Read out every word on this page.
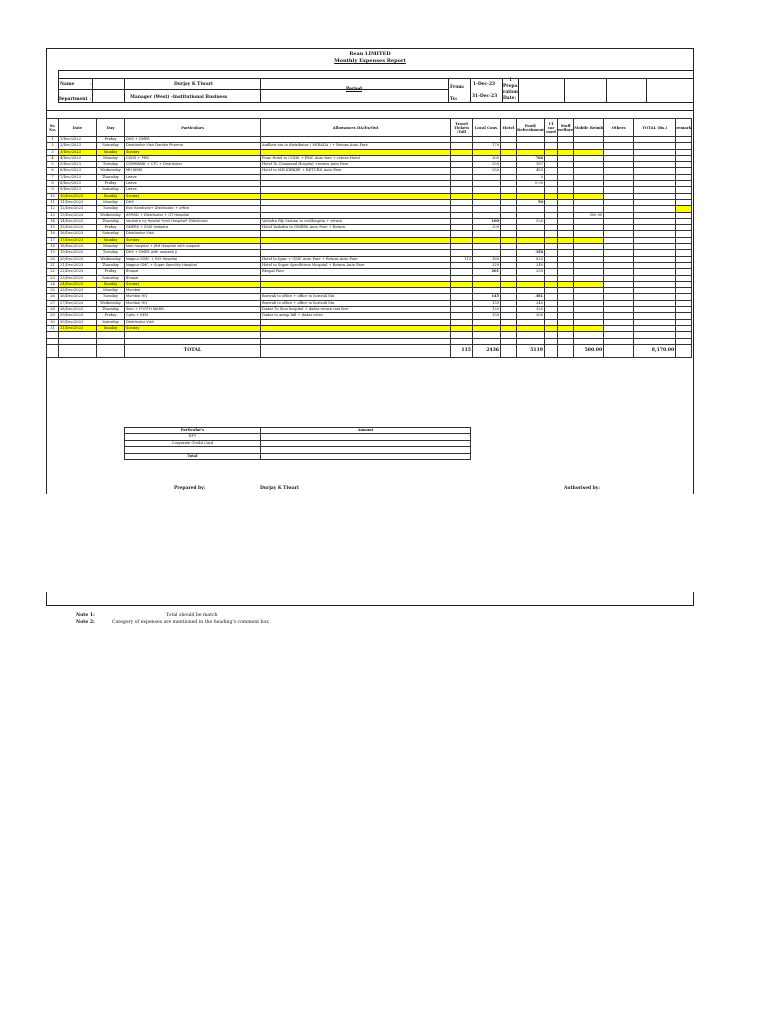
Rean LIMITED
Monthly Expenses Report
Name	:	Durjay K Tiwari
Department :	Manager (West) -Institutional Business
Period	From:
1-Dec-23
To:
31-Dec-23
1
Prepa
ration
Date:
Sr. No.	Date	Day	Particulars	Allowances DA/Ex/Out	Travel Tickets /Toll	Local Conv.	Hotel	Food/ Refreshment	I'f car used	Staff welfare	Mobile Reimb	Others	TOTAL (Rs.)	remark
1	1/Dec/2022	Friday	DHS + DMER											
2	2/Dec/2023	Saturday	Distributor Visit Dardka Pharma	Andheri stn to distributor ( MIRADA ) + Return Auto Fare		170								
3	3/Dec/2023	Sunday	Sunday											
4	4/Dec/2023	Monday	CGHS + PMC	Pune Hotel to CGHS + PMC Auto fare + return Hotel		300		768						
5	5/Dec/2023	Tuesday	COMMAND + CTC + Distributor	Hotel To Command Hospital +return Auto Fare		250		387						
6	6/Dec/2023	Wednesday	MH KIRKI	Hotel to MH KIRKEE + RETURN Auto Fare		350		485						
7	7/Dec/2023	Thursday	Leave					0						
8	8/Dec/2023	Friday	Leave					0.00						
9	9/Dec/2023	Saturday	Leave											
10	10/Dec/2023	Sunday	Sunday											
11	11/Dec/2023	Monday	DHS					50						
12	12/Dec/2023	Tuesday	Esic Kandivali+ Distributor + office											
13	13/Dec/2023	Wednesday	AFMSD + Distributor + GT Hospital								500.00			
14	14/Dec/2023	Thursday	Vadodra rly Hosital *civil Hospital* Distributor	Vadodra Rly Station to civilhospita + return		100		520						
15	15/Dec/2023	Friday	GMERS + ESIS Vadodra	Hotel Vadodra to GMERS Auto Fare + Return		200								
16	16/Dec/2023	Saturday	Distributor Visit											
17	17/Dec/2023	Sunday	Sunday											
18	18/Dec/2023	Monday	Nair hospital + JBH Hospital with roopesh											
19	19/Dec/2023	Tuesday	DHS + DMER with roopesh ji					358						
20	20/Dec/2023	Wednesday	Nagpur IGMC + RLY Hospital	Hotel to Igmc + GMC Auto Fare + Return Auto Fare	115	160		825						
21	21/Dec/2023	Thursday	Nagpur GMC + Super Specility Hospital	Hotel to Super Specilitiese Hospital + Return Auto Fare		320		240						
22	22/Dec/2023	Friday	Bhopal	Bhopal Fare		201		250						
23	23/Dec/2023	Saturday	Bhopal											
24	24/Dec/2023	Sunday	Sunday											
25	25/Dec/2023	Monday	Mumbai											
26	26/Dec/2023	Tuesday	Mumbai HQ	Borivali to office + office to borivali Stn		145		381						
27	27/Dec/2023	Wednesday	Mumbai HQ	Borivali to office + office to borivali Stn		155		240						
28	28/Dec/2023	Thursday	Sion + FOOTH WARD	Dadar To Sion hospital + dadar return taxi fare		120		320						
29	29/Dec/2023	Friday	Cghs + KEM	Dadar to antop hill + dadar retru		150		300						
30	30/Dec/2023	Saturday	Distributor Visit											
31	31/Dec/2023	Sunday	Sunday											

			TOTAL		115	2436		5119			500.00		8,170.00	
Particular's	Amount
EFT	-
Corporate Credit Card	-

Total	
Prepared by:	Durjay K Tiwari	Authorised by:
Note 1:	Total should be match
Note 2:	Category of expenses are mentioned in the heading's comment box
